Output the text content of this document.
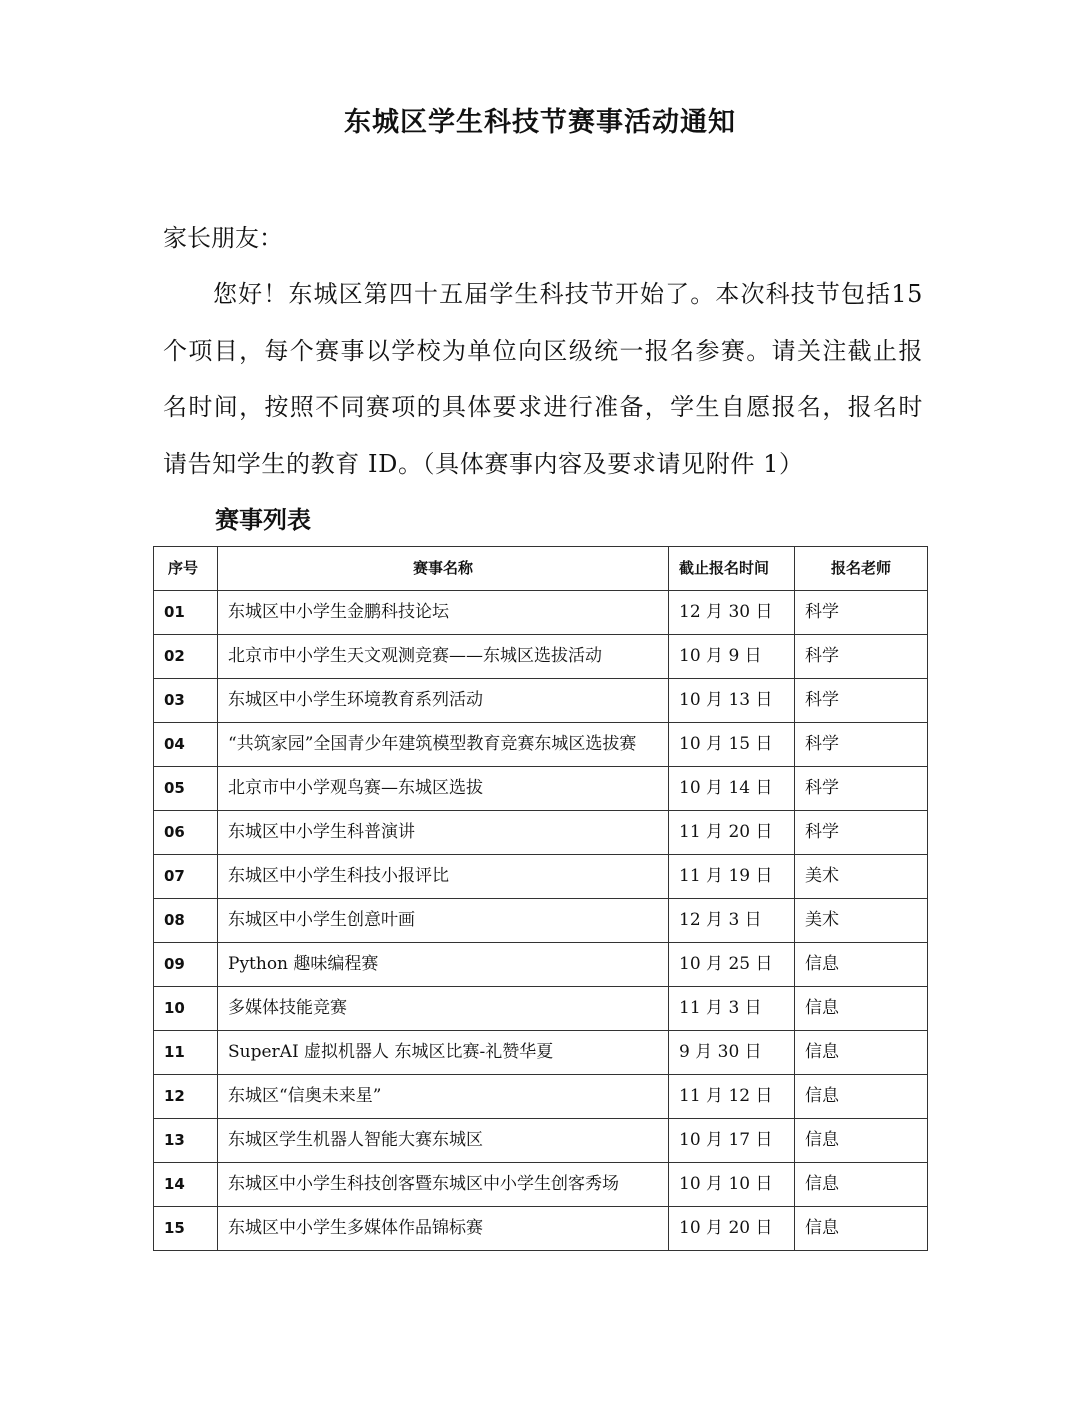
东城区学生科技节赛事活动通知
家长朋友：

您好！东城区第四十五届学生科技节开始了。本次科技节包括15个项目，每个赛事以学校为单位向区级统一报名参赛。请关注截止报名时间，按照不同赛项的具体要求进行准备，学生自愿报名，报名时请告知学生的教育 ID。（具体赛事内容及要求请见附件 1）

赛事列表
序号	赛事名称	截止报名时间	报名老师
01	东城区中小学生金鹏科技论坛	12 月 30 日	科学
02	北京市中小学生天文观测竞赛——东城区选拔活动	10 月 9 日	科学
03	东城区中小学生环境教育系列活动	10 月 13 日	科学
04	“共筑家园”全国青少年建筑模型教育竞赛东城区选拔赛	10 月 15 日	科学
05	北京市中小学观鸟赛—东城区选拔	10 月 14 日	科学
06	东城区中小学生科普演讲	11 月 20 日	科学
07	东城区中小学生科技小报评比	11 月 19 日	美术
08	东城区中小学生创意叶画	12 月 3 日	美术
09	Python 趣味编程赛	10 月 25 日	信息
10	多媒体技能竞赛	11 月 3 日	信息
11	SuperAI 虚拟机器人 东城区比赛-礼赞华夏	9 月 30 日	信息
12	东城区“信奥未来星”	11 月 12 日	信息
13	东城区学生机器人智能大赛东城区	10 月 17 日	信息
14	东城区中小学生科技创客暨东城区中小学生创客秀场	10 月 10 日	信息
15	东城区中小学生多媒体作品锦标赛	10 月 20 日	信息
